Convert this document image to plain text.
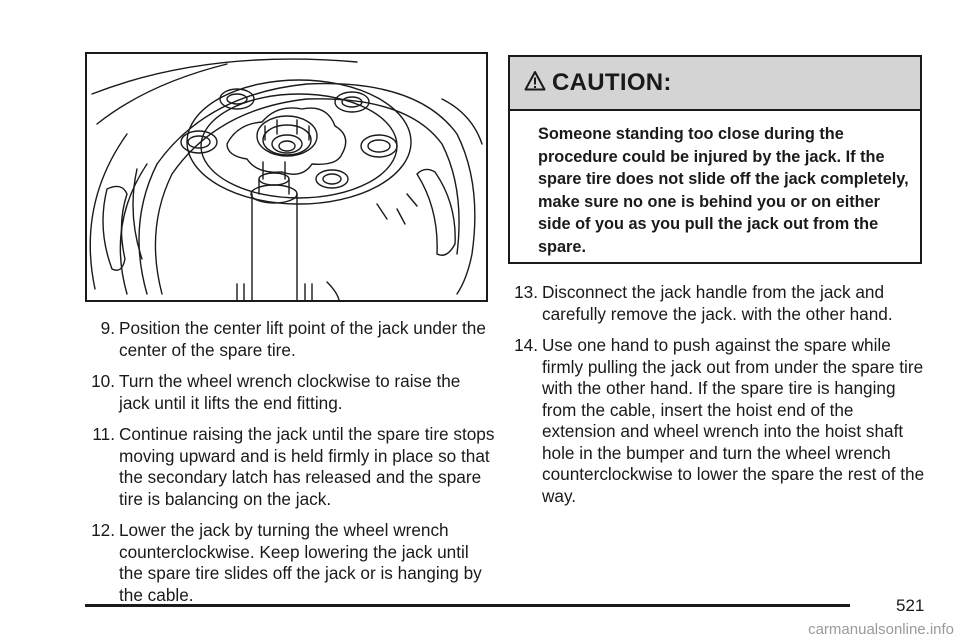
CAUTION:
Someone standing too close during the procedure could be injured by the jack. If the spare tire does not slide off the jack completely, make sure no one is behind you or on either side of you as you pull the jack out from the spare.
9. Position the center lift point of the jack under the center of the spare tire.
10. Turn the wheel wrench clockwise to raise the jack until it lifts the end fitting.
11. Continue raising the jack until the spare tire stops moving upward and is held firmly in place so that the secondary latch has released and the spare tire is balancing on the jack.
12. Lower the jack by turning the wheel wrench counterclockwise. Keep lowering the jack until the spare tire slides off the jack or is hanging by the cable.
13. Disconnect the jack handle from the jack and carefully remove the jack. with the other hand.
14. Use one hand to push against the spare while firmly pulling the jack out from under the spare tire with the other hand. If the spare tire is hanging from the cable, insert the hoist end of the extension and wheel wrench into the hoist shaft hole in the bumper and turn the wheel wrench counterclockwise to lower the spare the rest of the way.
521
carmanualsonline.info
